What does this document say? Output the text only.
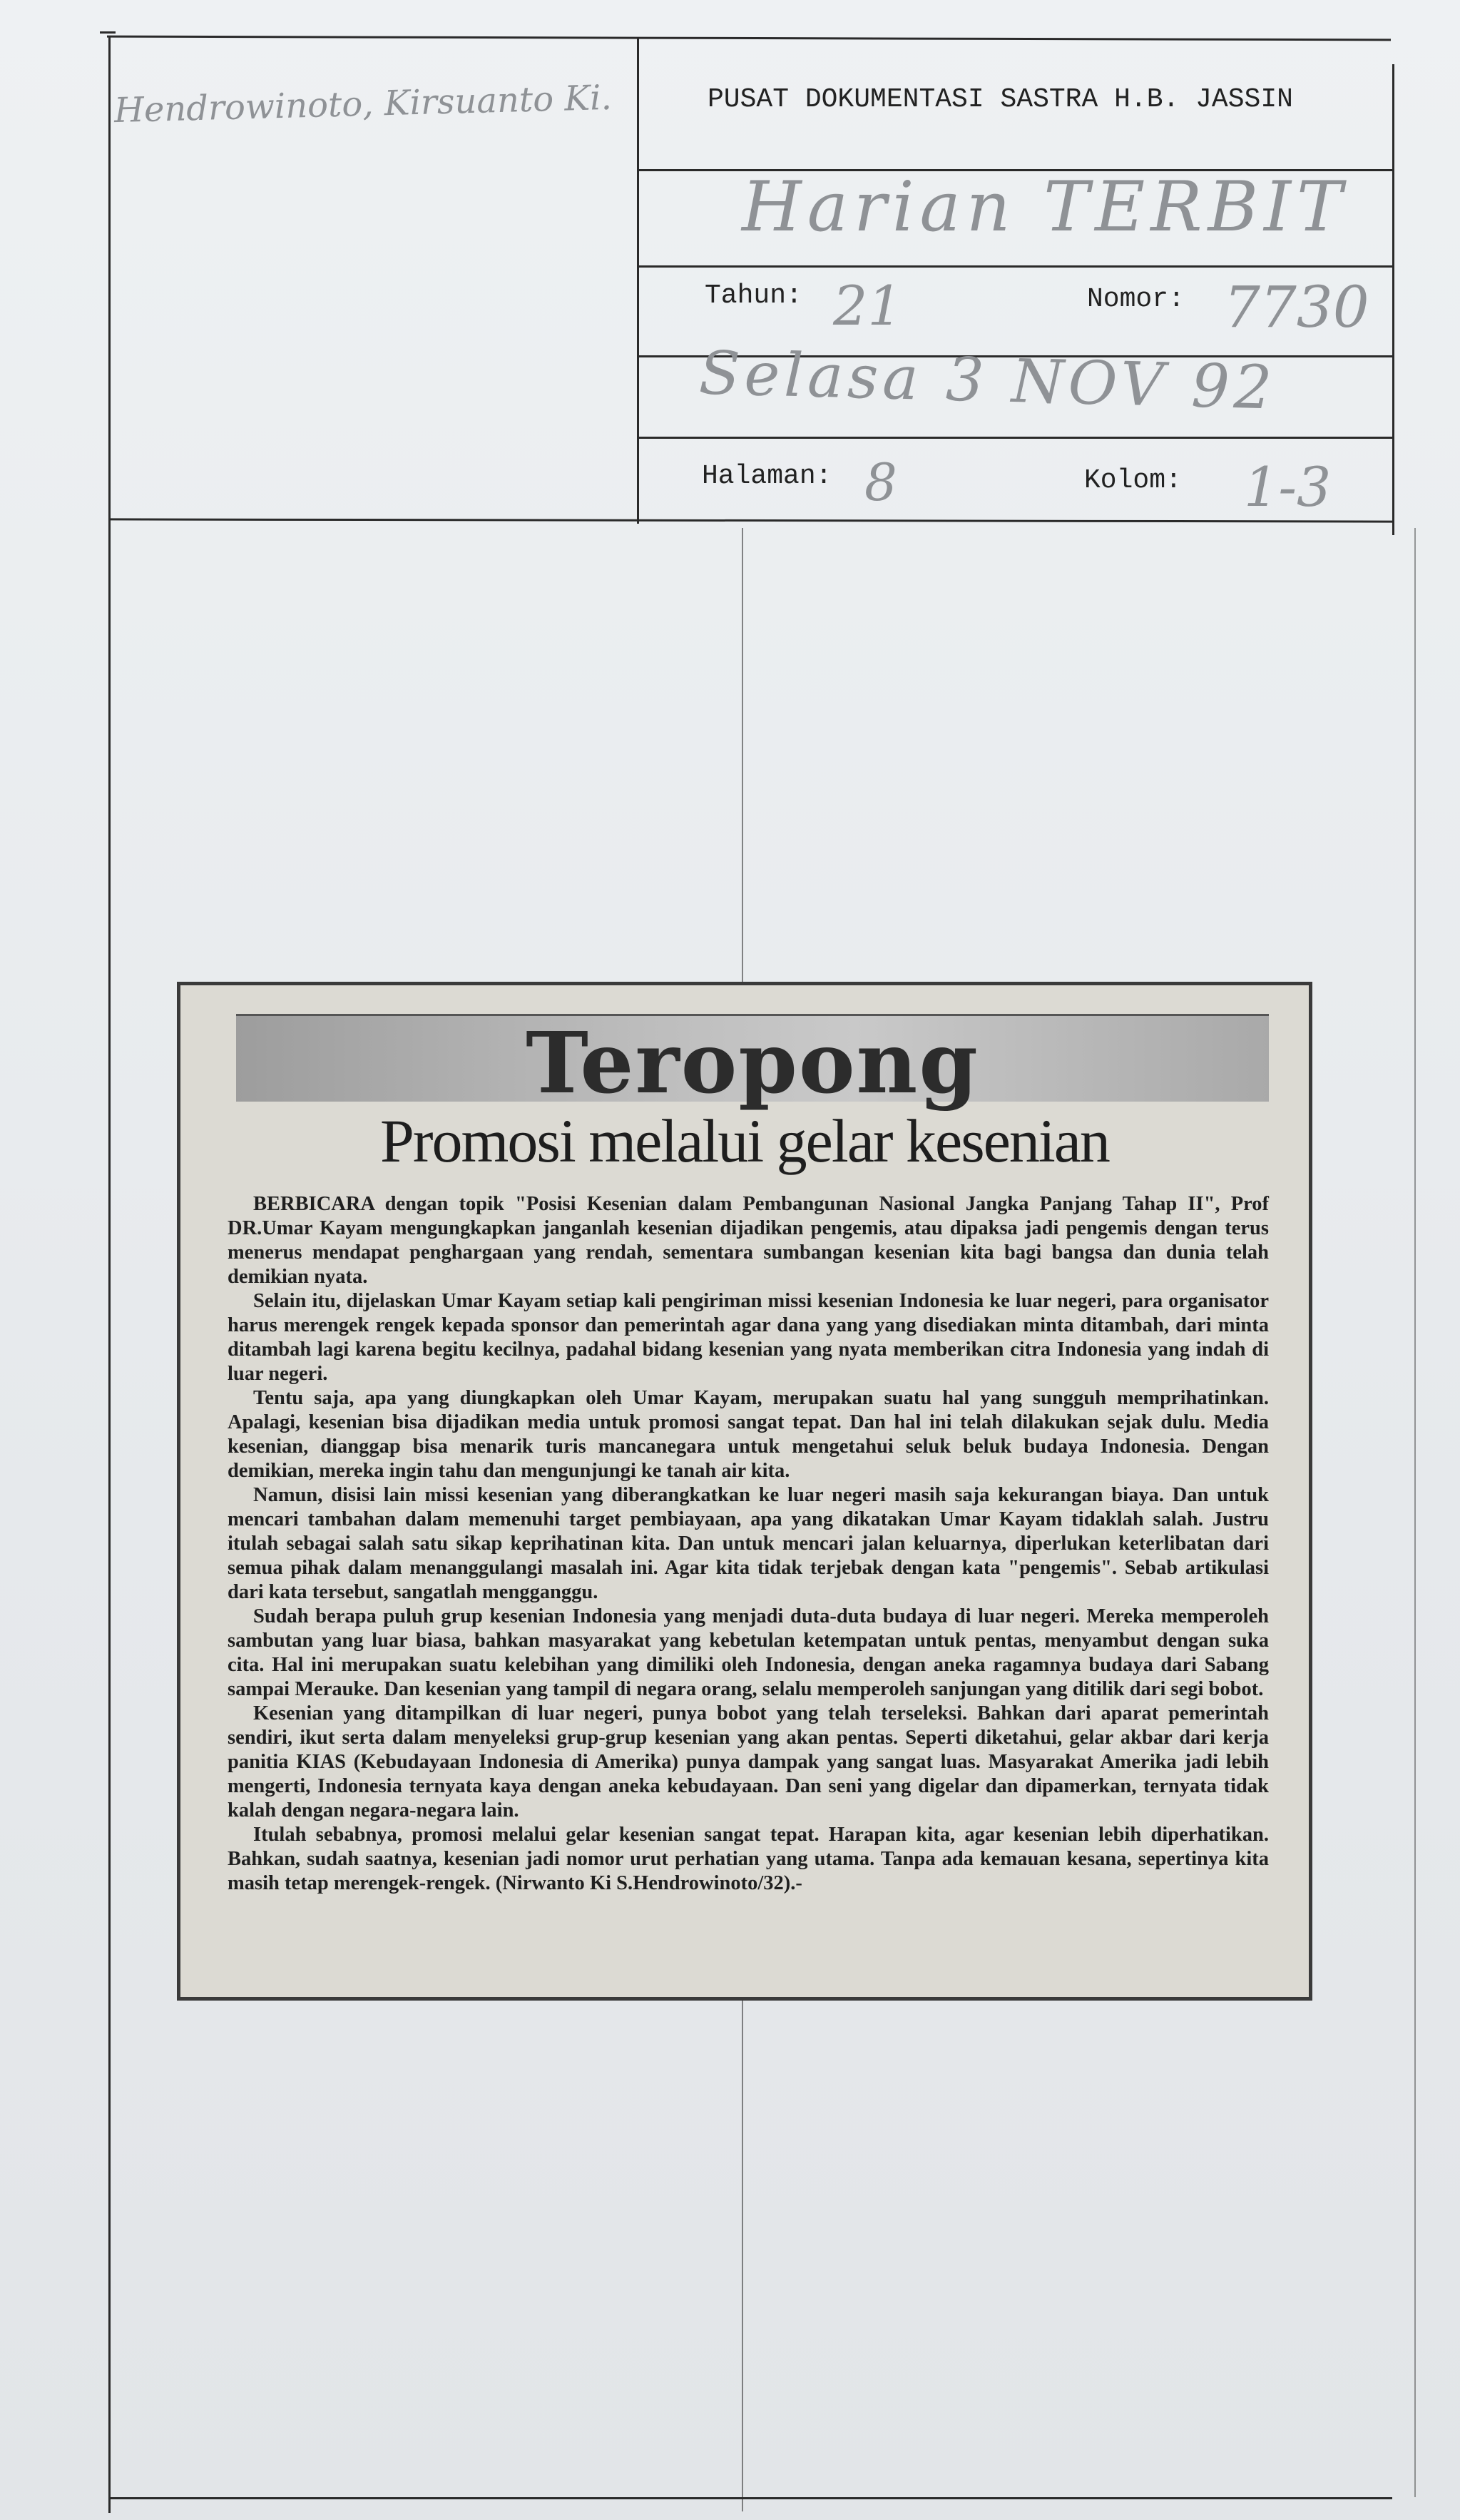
Hendrowinoto, Kirsuanto Ki.	PUSAT DOKUMENTASI SASTRA H.B. JASSIN
Harian TERBIT
Tahun: 21	Nomor: 7730
Selasa 3 NOV 92
Halaman: 8	Kolom: 1-3
Teropong
Promosi melalui gelar kesenian

BERBICARA dengan topik "Posisi Kesenian dalam Pembangunan Nasional Jangka Panjang Tahap II", Prof DR.Umar Kayam mengungkapkan janganlah kesenian dijadikan pengemis, atau dipaksa jadi pengemis dengan terus menerus mendapat penghargaan yang rendah, sementara sumbangan kesenian kita bagi bangsa dan dunia telah demikian nyata.

Selain itu, dijelaskan Umar Kayam setiap kali pengiriman missi kesenian Indonesia ke luar negeri, para organisator harus merengek rengek kepada sponsor dan pemerintah agar dana yang yang disediakan minta ditambah, dari minta ditambah lagi karena begitu kecilnya, padahal bidang kesenian yang nyata memberikan citra Indonesia yang indah di luar negeri.

Tentu saja, apa yang diungkapkan oleh Umar Kayam, merupakan suatu hal yang sungguh memprihatinkan. Apalagi, kesenian bisa dijadikan media untuk promosi sangat tepat. Dan hal ini telah dilakukan sejak dulu. Media kesenian, dianggap bisa menarik turis mancanegara untuk mengetahui seluk beluk budaya Indonesia. Dengan demikian, mereka ingin tahu dan mengunjungi ke tanah air kita.

Namun, disisi lain missi kesenian yang diberangkatkan ke luar negeri masih saja kekurangan biaya. Dan untuk mencari tambahan dalam memenuhi target pembiayaan, apa yang dikatakan Umar Kayam tidaklah salah. Justru itulah sebagai salah satu sikap keprihatinan kita. Dan untuk mencari jalan keluarnya, diperlukan keterlibatan dari semua pihak dalam menanggulangi masalah ini. Agar kita tidak terjebak dengan kata "pengemis". Sebab artikulasi dari kata tersebut, sangatlah mengganggu.

Sudah berapa puluh grup kesenian Indonesia yang menjadi duta-duta budaya di luar negeri. Mereka memperoleh sambutan yang luar biasa, bahkan masyarakat yang kebetulan ketempatan untuk pentas, menyambut dengan suka cita. Hal ini merupakan suatu kelebihan yang dimiliki oleh Indonesia, dengan aneka ragamnya budaya dari Sabang sampai Merauke. Dan kesenian yang tampil di negara orang, selalu memperoleh sanjungan yang ditilik dari segi bobot.

Kesenian yang ditampilkan di luar negeri, punya bobot yang telah terseleksi. Bahkan dari aparat pemerintah sendiri, ikut serta dalam menyeleksi grup-grup kesenian yang akan pentas. Seperti diketahui, gelar akbar dari kerja panitia KIAS (Kebudayaan Indonesia di Amerika) punya dampak yang sangat luas. Masyarakat Amerika jadi lebih mengerti, Indonesia ternyata kaya dengan aneka kebudayaan. Dan seni yang digelar dan dipamerkan, ternyata tidak kalah dengan negara-negara lain.

Itulah sebabnya, promosi melalui gelar kesenian sangat tepat. Harapan kita, agar kesenian lebih diperhatikan. Bahkan, sudah saatnya, kesenian jadi nomor urut perhatian yang utama. Tanpa ada kemauan kesana, sepertinya kita masih tetap merengek-rengek. (Nirwanto Ki S.Hendrowinoto/32).-
